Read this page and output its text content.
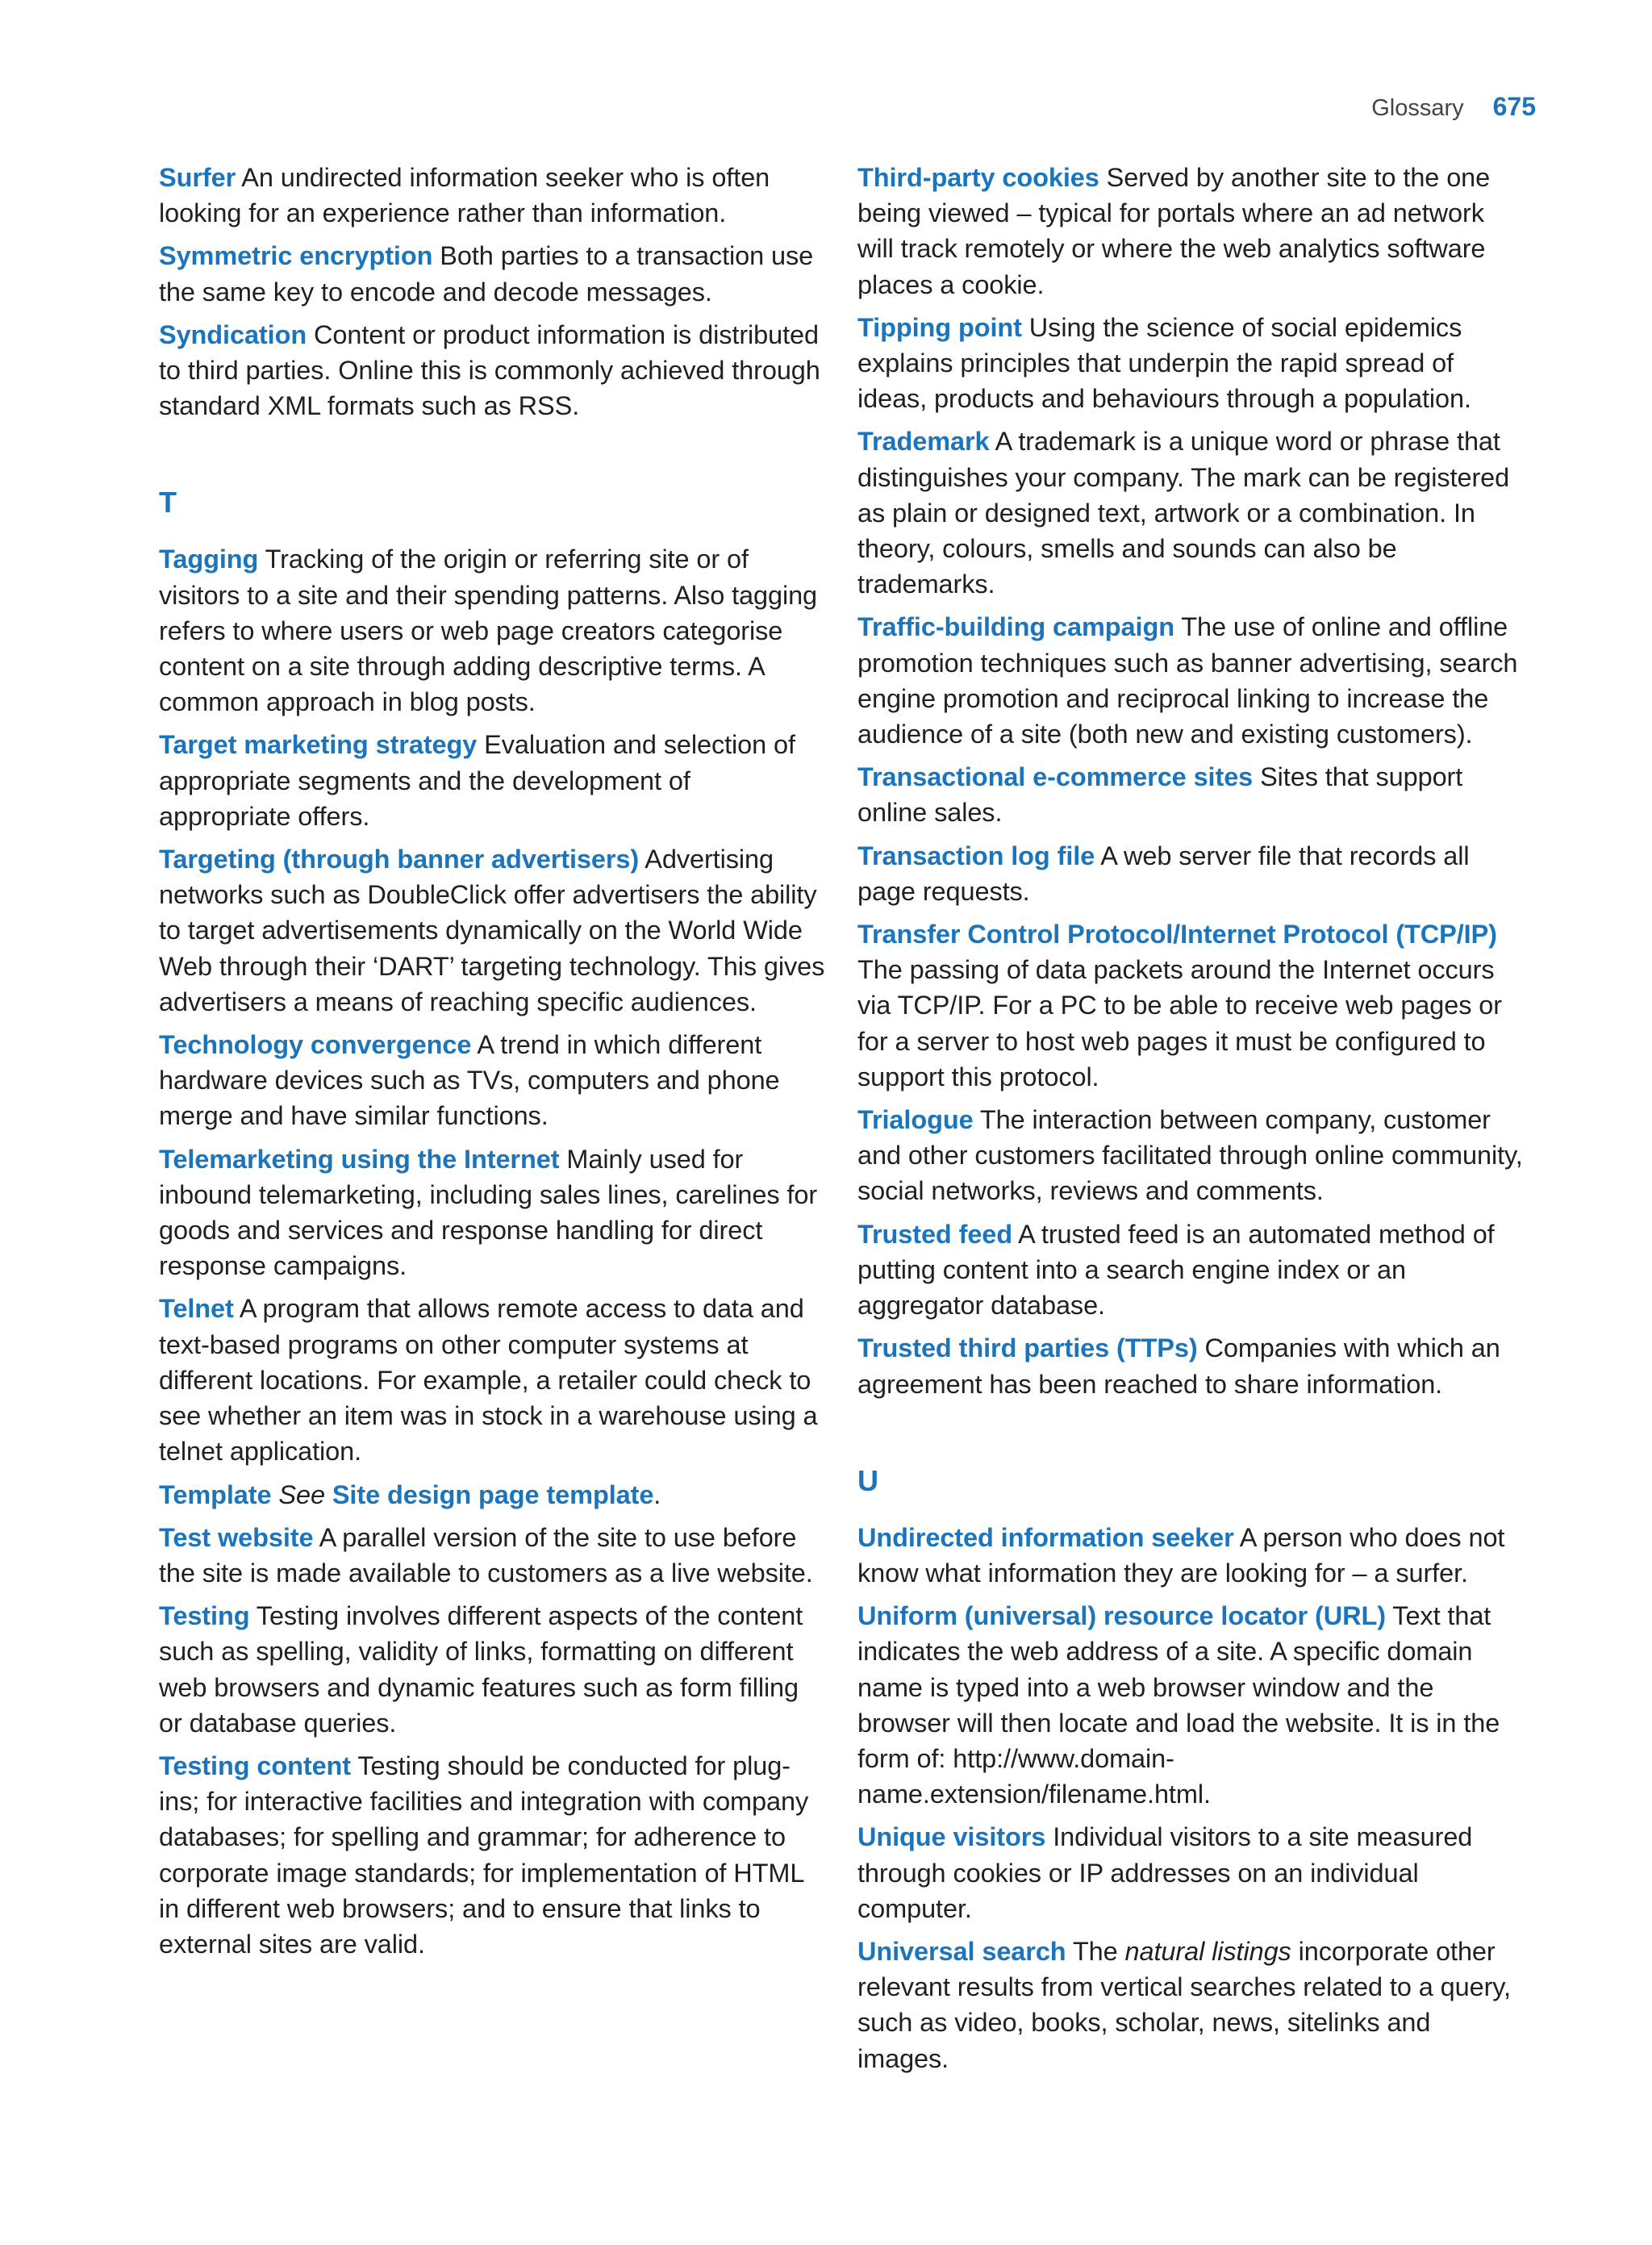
Glossary 675

Surfer An undirected information seeker who is often looking for an experience rather than information.

Symmetric encryption Both parties to a transaction use the same key to encode and decode messages.

Syndication Content or product information is distributed to third parties. Online this is commonly achieved through standard XML formats such as RSS.

T

Tagging Tracking of the origin or referring site or of visitors to a site and their spending patterns. Also tagging refers to where users or web page creators categorise content on a site through adding descriptive terms. A common approach in blog posts.

Target marketing strategy Evaluation and selection of appropriate segments and the development of appropriate offers.

Targeting (through banner advertisers) Advertising networks such as DoubleClick offer advertisers the ability to target advertisements dynamically on the World Wide Web through their ‘DART’ targeting technology. This gives advertisers a means of reaching specific audiences.

Technology convergence A trend in which different hardware devices such as TVs, computers and phone merge and have similar functions.

Telemarketing using the Internet Mainly used for inbound telemarketing, including sales lines, carelines for goods and services and response handling for direct response campaigns.

Telnet A program that allows remote access to data and text-based programs on other computer systems at different locations. For example, a retailer could check to see whether an item was in stock in a warehouse using a telnet application.

Template See Site design page template.

Test website A parallel version of the site to use before the site is made available to customers as a live website.

Testing Testing involves different aspects of the content such as spelling, validity of links, formatting on different web browsers and dynamic features such as form filling or database queries.

Testing content Testing should be conducted for plug-ins; for interactive facilities and integration with company databases; for spelling and grammar; for adherence to corporate image standards; for implementation of HTML in different web browsers; and to ensure that links to external sites are valid.

Third-party cookies Served by another site to the one being viewed – typical for portals where an ad network will track remotely or where the web analytics software places a cookie.

Tipping point Using the science of social epidemics explains principles that underpin the rapid spread of ideas, products and behaviours through a population.

Trademark A trademark is a unique word or phrase that distinguishes your company. The mark can be registered as plain or designed text, artwork or a combination. In theory, colours, smells and sounds can also be trademarks.

Traffic-building campaign The use of online and offline promotion techniques such as banner advertising, search engine promotion and reciprocal linking to increase the audience of a site (both new and existing customers).

Transactional e-commerce sites Sites that support online sales.

Transaction log file A web server file that records all page requests.

Transfer Control Protocol/Internet Protocol (TCP/IP) The passing of data packets around the Internet occurs via TCP/IP. For a PC to be able to receive web pages or for a server to host web pages it must be configured to support this protocol.

Trialogue The interaction between company, customer and other customers facilitated through online community, social networks, reviews and comments.

Trusted feed A trusted feed is an automated method of putting content into a search engine index or an aggregator database.

Trusted third parties (TTPs) Companies with which an agreement has been reached to share information.

U

Undirected information seeker A person who does not know what information they are looking for – a surfer.

Uniform (universal) resource locator (URL) Text that indicates the web address of a site. A specific domain name is typed into a web browser window and the browser will then locate and load the website. It is in the form of: http://www.domain-name.extension/filename.html.

Unique visitors Individual visitors to a site measured through cookies or IP addresses on an individual computer.

Universal search The natural listings incorporate other relevant results from vertical searches related to a query, such as video, books, scholar, news, sitelinks and images.
